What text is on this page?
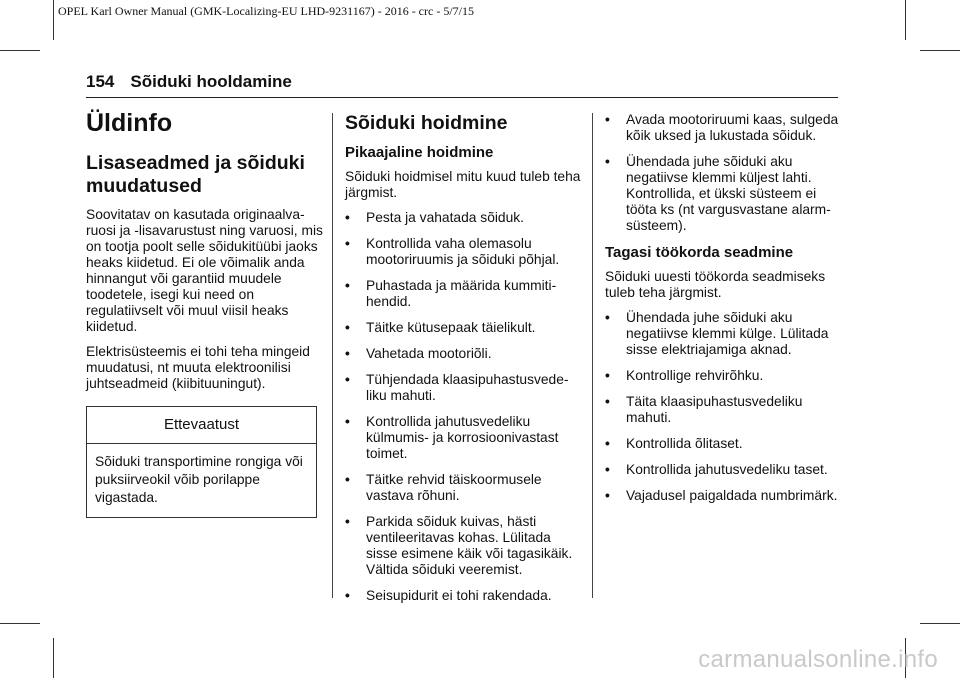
OPEL Karl Owner Manual (GMK-Localizing-EU LHD-9231167) - 2016 - crc - 5/7/15
154 Sõiduki hooldamine
Üldinfo
Lisaseadmed ja sõiduki muudatused

Soovitatav on kasutada originaalvaruosi ja -lisavarustust ning varuosi, mis on tootja poolt selle sõidukitüübi jaoks heaks kiidetud. Ei ole võimalik anda hinnangut või garantiid muudele toodetele, isegi kui need on regulatiivselt või muul viisil heaks kiidetud.

Elektrisüsteemis ei tohi teha mingeid muudatusi, nt muuta elektroonilisi juhtseadmeid (kiibituuningut).

Ettevaatust
Sõiduki transportimine rongiga või puksiirveokil võib porilappe vigastada.
Sõiduki hoidmine
Pikaajaline hoidmine

Sõiduki hoidmisel mitu kuud tuleb teha järgmist.

• Pesta ja vahatada sõiduk.
• Kontrollida vaha olemasolu mootoriruumis ja sõiduki põhjal.
• Puhastada ja määrida kummitihendid.
• Täitke kütusepaak täielikult.
• Vahetada mootoriõli.
• Tühjendada klaasipuhastusvedeliku mahuti.
• Kontrollida jahutusvedeliku külmumis- ja korrosioonivastast toimet.
• Täitke rehvid täiskoormusele vastava rõhuni.
• Parkida sõiduk kuivas, hästi ventileeritavas kohas. Lülitada sisse esimene käik või tagasikäik. Vältida sõiduki veeremist.
• Seisupidurit ei tohi rakendada.
• Avada mootoriruumi kaas, sulgeda kõik uksed ja lukustada sõiduk.
• Ühendada juhe sõiduki aku negatiivse klemmi küljest lahti. Kontrollida, et ükski süsteem ei tööta ks (nt vargusvastane alarmsüsteem).
Tagasi töökorda seadmine

Sõiduki uuesti töökorda seadmiseks tuleb teha järgmist.

• Ühendada juhe sõiduki aku negatiivse klemmi külge. Lülitada sisse elektriajamiga aknad.
• Kontrollige rehvirõhku.
• Täita klaasipuhastusvedeliku mahuti.
• Kontrollida õlitaset.
• Kontrollida jahutusvedeliku taset.
• Vajadusel paigaldada numbrimärk.
carmanualsonline.info
